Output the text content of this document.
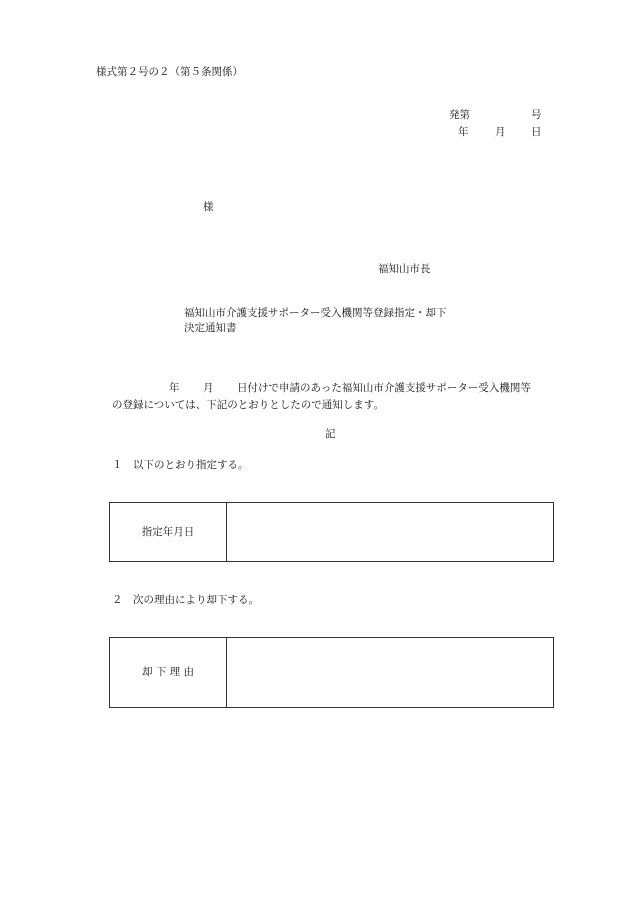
様式第２号の２（第５条関係）
発第	号
年	月 日
様
福知山市長
福知山市介護支援サポーター受入機関等登録指定・却下
決定通知書
年 月 日付けで申請のあった福知山市介護支援サポーター受入機関等
の登録については、下記のとおりとしたので通知します。
記
１　以下のとおり指定する。
指定年月日
２　次の理由により却下する。
却 下 理 由
